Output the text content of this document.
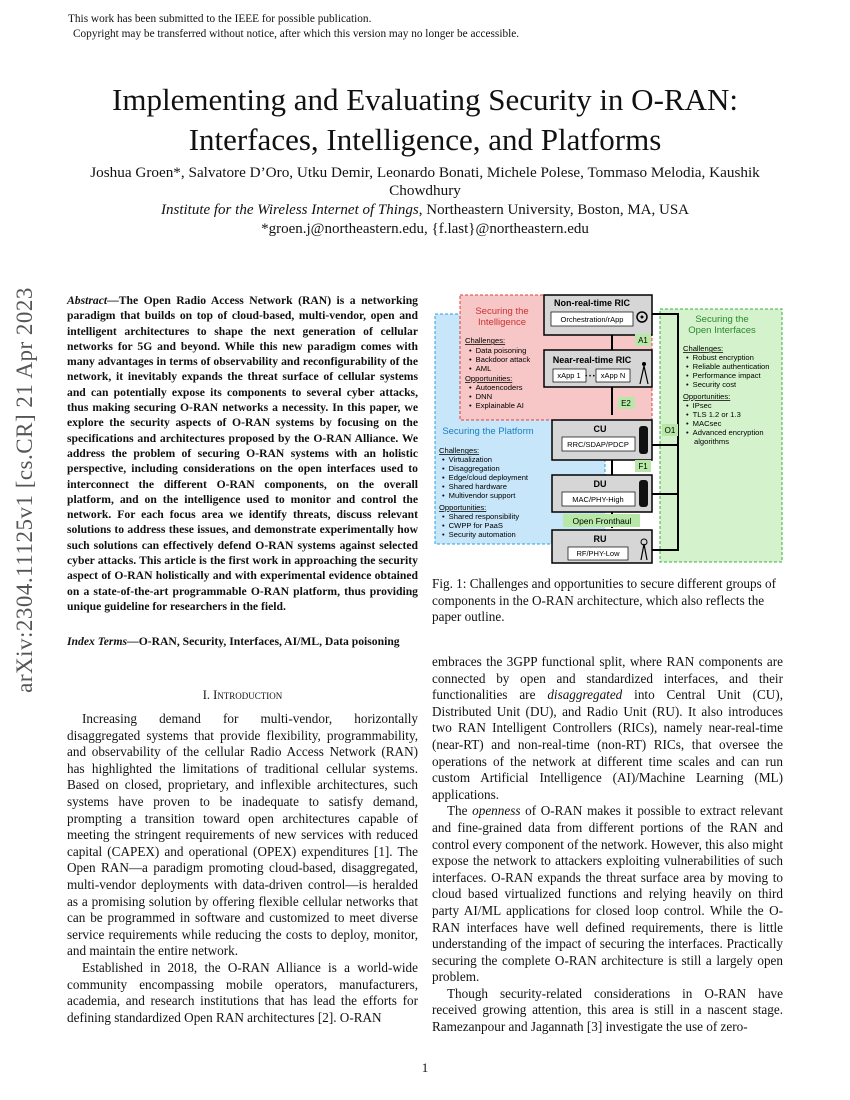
This work has been submitted to the IEEE for possible publication.
Copyright may be transferred without notice, after which this version may no longer be accessible.
arXiv:2304.11125v1 [cs.CR] 21 Apr 2023
Implementing and Evaluating Security in O-RAN:
Interfaces, Intelligence, and Platforms
Joshua Groen*, Salvatore D’Oro, Utku Demir, Leonardo Bonati, Michele Polese, Tommaso Melodia, Kaushik Chowdhury
Institute for the Wireless Internet of Things, Northeastern University, Boston, MA, USA
*groen.j@northeastern.edu, {f.last}@northeastern.edu
Abstract—The Open Radio Access Network (RAN) is a networking paradigm that builds on top of cloud-based, multi-vendor, open and intelligent architectures to shape the next generation of cellular networks for 5G and beyond. While this new paradigm comes with many advantages in terms of observability and reconfigurability of the network, it inevitably expands the threat surface of cellular systems and can potentially expose its components to several cyber attacks, thus making securing O-RAN networks a necessity. In this paper, we explore the security aspects of O-RAN systems by focusing on the specifications and architectures proposed by the O-RAN Alliance. We address the problem of securing O-RAN systems with an holistic perspective, including considerations on the open interfaces used to interconnect the different O-RAN components, on the overall platform, and on the intelligence used to monitor and control the network. For each focus area we identify threats, discuss relevant solutions to address these issues, and demonstrate experimentally how such solutions can effectively defend O-RAN systems against selected cyber attacks. This article is the first work in approaching the security aspect of O-RAN holistically and with experimental evidence obtained on a state-of-the-art programmable O-RAN platform, thus providing unique guideline for researchers in the field.
Index Terms—O-RAN, Security, Interfaces, AI/ML, Data poisoning
I. Introduction

Increasing demand for multi-vendor, horizontally disaggregated systems that provide flexibility, programmability, and observability of the cellular Radio Access Network (RAN) has highlighted the limitations of traditional cellular systems. Based on closed, proprietary, and inflexible architectures, such systems have proven to be inadequate to satisfy demand, prompting a transition toward open architectures capable of meeting the stringent requirements of new services with reduced capital (CAPEX) and operational (OPEX) expenditures [1]. The Open RAN—a paradigm promoting cloud-based, disaggregated, multi-vendor deployments with data-driven control—is heralded as a promising solution by offering flexible cellular networks that can be programmed in software and customized to meet diverse service requirements while reducing the costs to deploy, monitor, and maintain the entire network.

Established in 2018, the O-RAN Alliance is a world-wide community encompassing mobile operators, manufacturers, academia, and research institutions that has lead the efforts for defining standardized Open RAN architectures [2]. O-RAN

Securing the
Intelligence
Challenges:
• Data poisoning
• Backdoor attack
• AML
Opportunities:
• Autoencoders
• DNN
• Explainable AI
Securing the
Open Interfaces
Challenges:
• Robust encryption
• Reliable authentication
• Performance impact
• Security cost
Opportunities:
• IPsec
• TLS 1.2 or 1.3
• MACsec
• Advanced encryption
algorithms
Securing the Platform
Challenges:
• Virtualization
• Disaggregation
• Edge/cloud deployment
• Shared hardware
• Multivendor support
Opportunities:
• Shared responsibility
• CWPP for PaaS
• Security automation
Non-real-time RIC
Orchestration/rApp
A1
Near-real-time RIC
xApp 1 • • • xApp N
E2
CU
RRC/SDAP/PDCP
O1
F1
DU
MAC/PHY-High
Open Fronthaul
RU
RF/PHY-Low
Fig. 1: Challenges and opportunities to secure different groups of components in the O-RAN architecture, which also reflects the paper outline.

embraces the 3GPP functional split, where RAN components are connected by open and standardized interfaces, and their functionalities are disaggregated into Central Unit (CU), Distributed Unit (DU), and Radio Unit (RU). It also introduces two RAN Intelligent Controllers (RICs), namely near-real-time (near-RT) and non-real-time (non-RT) RICs, that oversee the operations of the network at different time scales and can run custom Artificial Intelligence (AI)/Machine Learning (ML) applications.

The openness of O-RAN makes it possible to extract relevant and fine-grained data from different portions of the RAN and control every component of the network. However, this also might expose the network to attackers exploiting vulnerabilities of such interfaces. O-RAN expands the threat surface area by moving to cloud based virtualized functions and relying heavily on third party AI/ML applications for closed loop control. While the O-RAN interfaces have well defined requirements, there is little understanding of the impact of securing the interfaces. Practically securing the complete O-RAN architecture is still a largely open problem.

Though security-related considerations in O-RAN have received growing attention, this area is still in a nascent stage. Ramezanpour and Jagannath [3] investigate the use of zero-

1
